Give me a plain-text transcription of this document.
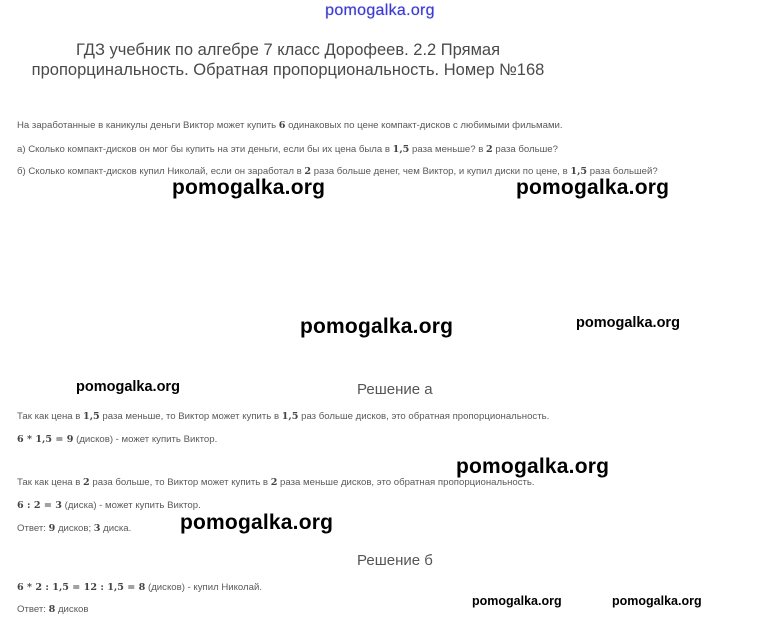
pomogalka.org
ГДЗ учебник по алгебре 7 класс Дорофеев. 2.2 Прямая пропорцинальность. Обратная пропорциональность. Номер №168
На заработанные в каникулы деньги Виктор может купить 6 одинаковых по цене компакт-дисков с любимыми фильмами.
а) Сколько компакт-дисков он мог бы купить на эти деньги, если бы их цена была в 1,5 раза меньше? в 2 раза больше?
б) Сколько компакт-дисков купил Николай, если он заработал в 2 раза больше денег, чем Виктор, и купил диски по цене, в 1,5 раза большей?
Решение а
Так как цена в 1,5 раза меньше, то Виктор может купить в 1,5 раз больше дисков, это обратная пропорциональность.
6 * 1,5 = 9 (дисков) - может купить Виктор.
Так как цена в 2 раза больше, то Виктор может купить в 2 раза меньше дисков, это обратная пропорциональность.
6 : 2 = 3 (диска) - может купить Виктор.
Ответ: 9 дисков; 3 диска.
Решение б
6 * 2 : 1,5 = 12 : 1,5 = 8 (дисков) - купил Николай.
Ответ: 8 дисков
pomogalka.org	pomogalka.org
pomogalka.org	pomogalka.org
pomogalka.org
pomogalka.org
pomogalka.org
pomogalka.org	pomogalka.org
